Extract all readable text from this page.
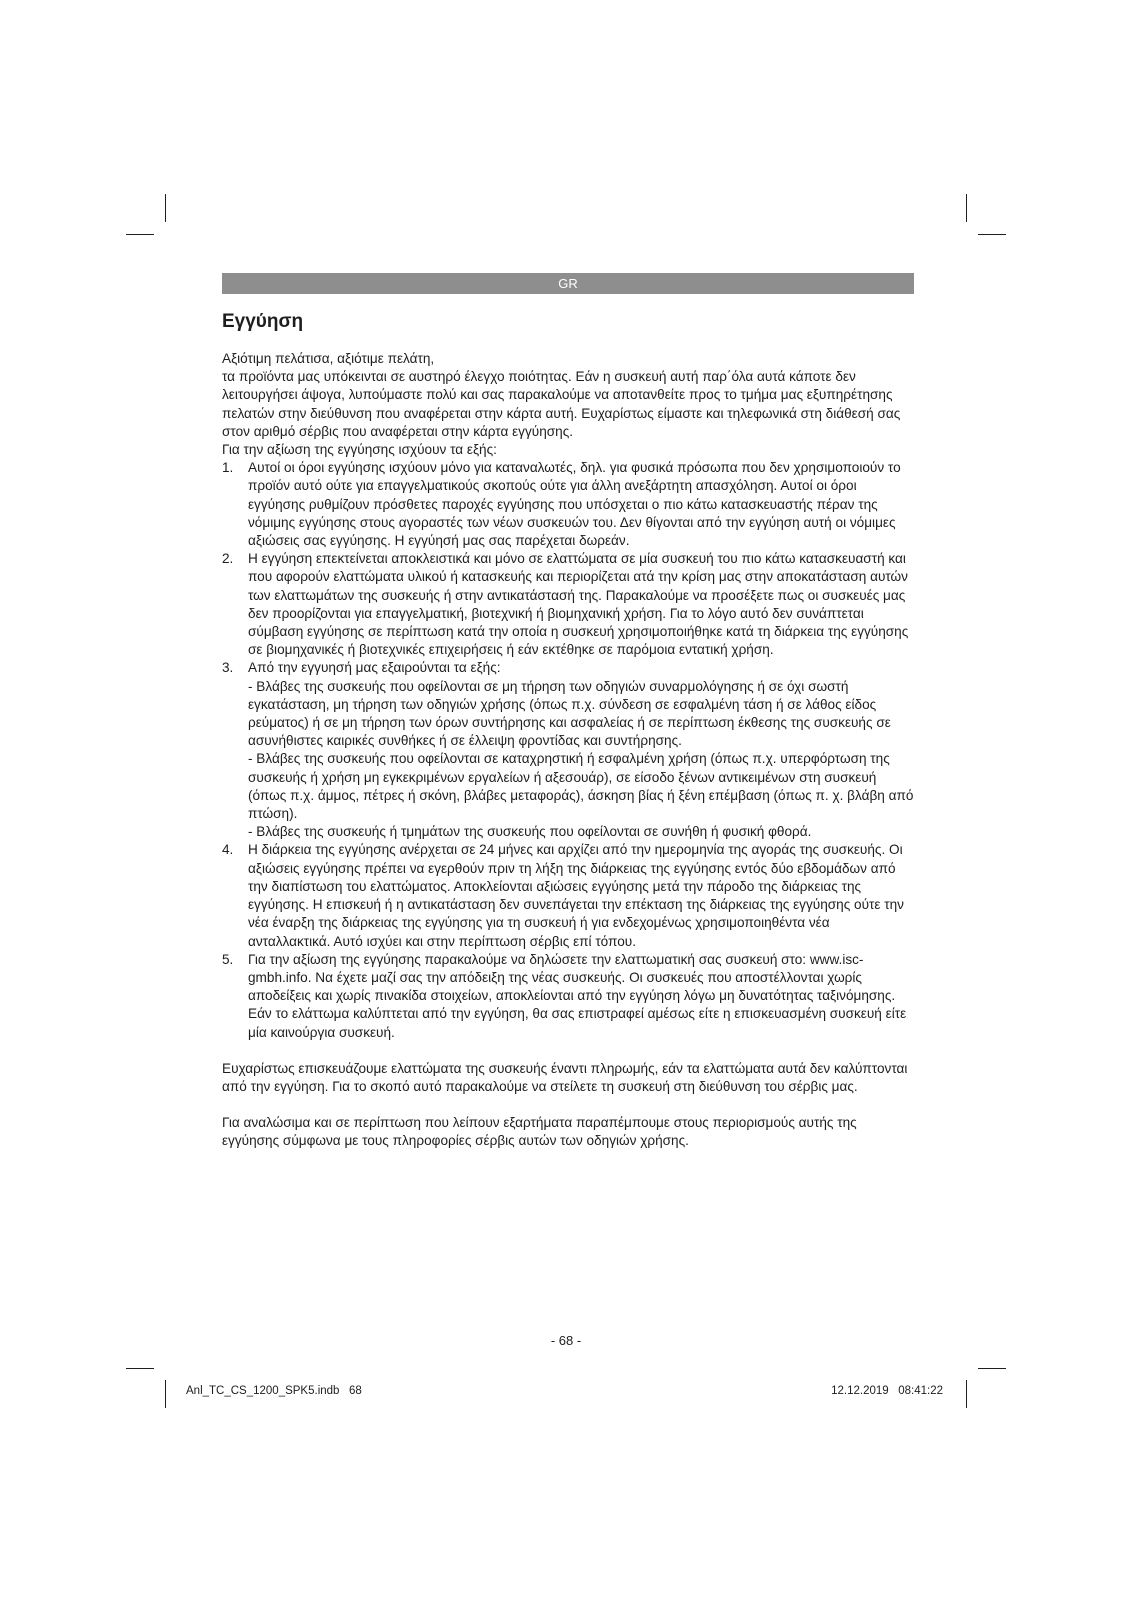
GR
Εγγύηση

Αξιότιμη πελάτισα, αξιότιμε πελάτη,

τα προϊόντα μας υπόκεινται σε αυστηρό έλεγχο ποιότητας. Εάν η συσκευή αυτή παρ΄όλα αυτά κάποτε δεν λειτουργήσει άψογα, λυπούμαστε πολύ και σας παρακαλούμε να αποτανθείτε προς το τμήμα μας εξυπηρέτησης πελατών στην διεύθυνση που αναφέρεται στην κάρτα αυτή. Ευχαρίστως είμαστε και τηλεφωνικά στη διάθεσή σας στον αριθμό σέρβις που αναφέρεται στην κάρτα εγγύησης.

Για την αξίωση της εγγύησης ισχύουν τα εξής:

1. Αυτοί οι όροι εγγύησης ισχύουν μόνο για καταναλωτές, δηλ. για φυσικά πρόσωπα που δεν χρησιμοποιούν το προϊόν αυτό ούτε για επαγγελματικούς σκοπούς ούτε για άλλη ανεξάρτητη απασχόληση. Αυτοί οι όροι εγγύησης ρυθμίζουν πρόσθετες παροχές εγγύησης που υπόσχεται ο πιο κάτω κατασκευαστής πέραν της νόμιμης εγγύησης στους αγοραστές των νέων συσκευών του. Δεν θίγονται από την εγγύηση αυτή οι νόμιμες αξιώσεις σας εγγύησης. Η εγγύησή μας σας παρέχεται δωρεάν.
2. Η εγγύηση επεκτείνεται αποκλειστικά και μόνο σε ελαττώματα σε μία συσκευή του πιο κάτω κατασκευαστή και που αφορούν ελαττώματα υλικού ή κατασκευής και περιορίζεται ατά την κρίση μας στην αποκατάσταση αυτών των ελαττωμάτων της συσκευής ή στην αντικατάστασή της. Παρακαλούμε να προσέξετε πως οι συσκευές μας δεν προορίζονται για επαγγελματική, βιοτεχνική ή βιομηχανική χρήση. Για το λόγο αυτό δεν συνάπτεται σύμβαση εγγύησης σε περίπτωση κατά την οποία η συσκευή χρησιμοποιήθηκε κατά τη διάρκεια της εγγύησης σε βιομηχανικές ή βιοτεχνικές επιχειρήσεις ή εάν εκτέθηκε σε παρόμοια εντατική χρήση.
3. Από την εγγυησή μας εξαιρούνται τα εξής:
- Βλάβες της συσκευής που οφείλονται σε μη τήρηση των οδηγιών συναρμολόγησης ή σε όχι σωστή εγκατάσταση, μη τήρηση των οδηγιών χρήσης (όπως π.χ. σύνδεση σε εσφαλμένη τάση ή σε λάθος είδος ρεύματος) ή σε μη τήρηση των όρων συντήρησης και ασφαλείας ή σε περίπτωση έκθεσης της συσκευής σε ασυνήθιστες καιρικές συνθήκες ή σε έλλειψη φροντίδας και συντήρησης.
- Βλάβες της συσκευής που οφείλονται σε καταχρηστική ή εσφαλμένη χρήση (όπως π.χ. υπερφόρτωση της συσκευής ή χρήση μη εγκεκριμένων εργαλείων ή αξεσουάρ), σε είσοδο ξένων αντικειμένων στη συσκευή (όπως π.χ. άμμος, πέτρες ή σκόνη, βλάβες μεταφοράς), άσκηση βίας ή ξένη επέμβαση (όπως π. χ. βλάβη από πτώση).
- Βλάβες της συσκευής ή τμημάτων της συσκευής που οφείλονται σε συνήθη ή φυσική φθορά.
4. Η διάρκεια της εγγύησης ανέρχεται σε 24 μήνες και αρχίζει από την ημερομηνία της αγοράς της συσκευής. Οι αξιώσεις εγγύησης πρέπει να εγερθούν πριν τη λήξη της διάρκειας της εγγύησης εντός δύο εβδομάδων από την διαπίστωση του ελαττώματος. Αποκλείονται αξιώσεις εγγύησης μετά την πάροδο της διάρκειας της εγγύησης. Η επισκευή ή η αντικατάσταση δεν συνεπάγεται την επέκταση της διάρκειας της εγγύησης ούτε την νέα έναρξη της διάρκειας της εγγύησης για τη συσκευή ή για ενδεχομένως χρησιμοποιηθέντα νέα ανταλλακτικά. Αυτό ισχύει και στην περίπτωση σέρβις επί τόπου.
5. Για την αξίωση της εγγύησης παρακαλούμε να δηλώσετε την ελαττωματική σας συσκευή στο: www.isc-gmbh.info. Να έχετε μαζί σας την απόδειξη της νέας συσκευής. Οι συσκευές που αποστέλλονται χωρίς αποδείξεις και χωρίς πινακίδα στοιχείων, αποκλείονται από την εγγύηση λόγω μη δυνατότητας ταξινόμησης. Εάν το ελάττωμα καλύπτεται από την εγγύηση, θα σας επιστραφεί αμέσως είτε η επισκευασμένη συσκευή είτε μία καινούργια συσκευή.

Ευχαρίστως επισκευάζουμε ελαττώματα της συσκευής έναντι πληρωμής, εάν τα ελαττώματα αυτά δεν καλύπτονται από την εγγύηση. Για το σκοπό αυτό παρακαλούμε να στείλετε τη συσκευή στη διεύθυνση του σέρβις μας.

Για αναλώσιμα και σε περίπτωση που λείπουν εξαρτήματα παραπέμπουμε στους περιορισμούς αυτής της εγγύησης σύμφωνα με τους πληροφορίες σέρβις αυτών των οδηγιών χρήσης.

- 68 -
Anl_TC_CS_1200_SPK5.indb   68	12.12.2019   08:41:22
